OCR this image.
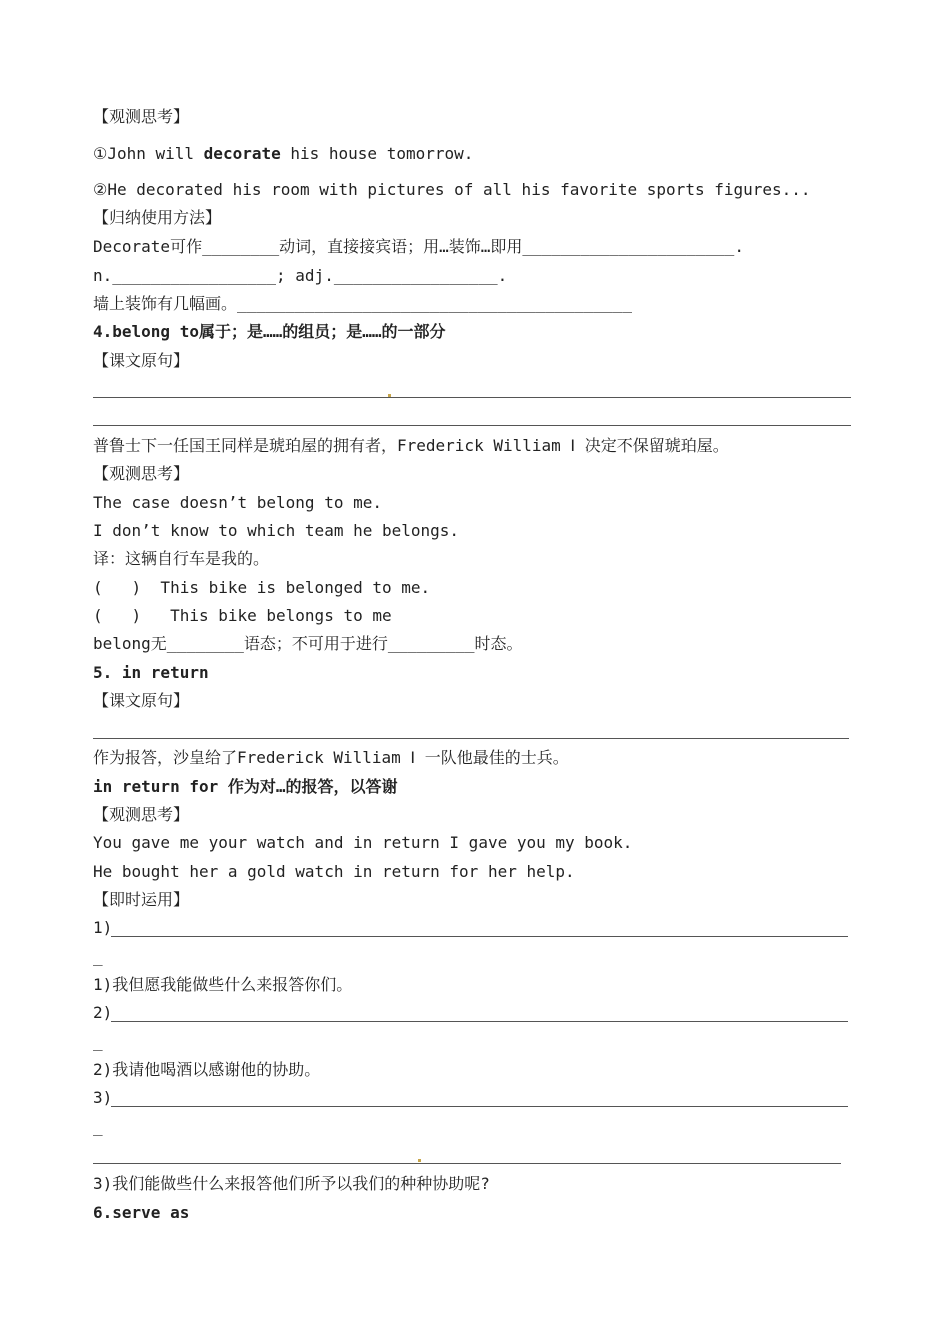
【观测思考】
①John will decorate his house tomorrow.
②He decorated his room with pictures of all his favorite sports figures...
【归纳使用方法】
Decorate可作________动词，直接接宾语；用…装饰…即用______________________.
n._________________; adj._________________.
墙上装饰有几幅画。_________________________________________
4.belong to属于；是……的组员；是……的一部分
【课文原句】
普鲁士下一任国王同样是琥珀屋的拥有者，Frederick William Ⅰ 决定不保留琥珀屋。
【观测思考】
The case doesn’t belong to me.
I don’t know to which team he belongs.
译：这辆自行车是我的。
(   )  This bike is belonged to me.
(   )   This bike belongs to me
belong无________语态；不可用于进行_________时态。
5. in return
【课文原句】
作为报答，沙皇给了Frederick William Ⅰ 一队他最佳的士兵。
in return for 作为对…的报答，以答谢
【观测思考】
You gave me your watch and in return I gave you my book.
He bought her a gold watch in return for her help.
【即时运用】
1)
_
1)我但愿我能做些什么来报答你们。
2)
_
2)我请他喝酒以感谢他的协助。
3)
_
3)我们能做些什么来报答他们所予以我们的种种协助呢?
6.serve as
